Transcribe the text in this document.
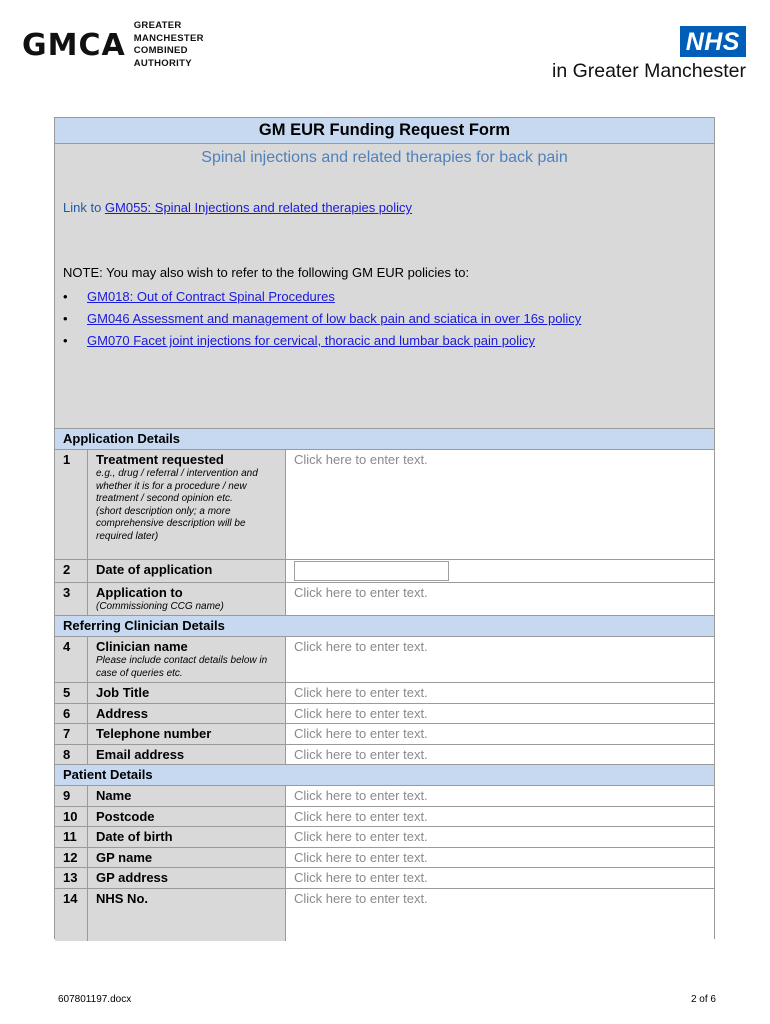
GMCA
GREATER
MANCHESTER
COMBINED
AUTHORITY
NHS
in Greater Manchester
GM EUR Funding Request Form
Spinal injections and related therapies for back pain
Link to GM055: Spinal Injections and related therapies policy
NOTE: You may also wish to refer to the following GM EUR policies to:
• GM018: Out of Contract Spinal Procedures
• GM046 Assessment and management of low back pain and sciatica in over 16s policy
• GM070 Facet joint injections for cervical, thoracic and lumbar back pain policy
Application Details
1	Treatment requested
e.g., drug / referral / intervention and whether it is for a procedure / new treatment / second opinion etc.
(short description only; a more comprehensive description will be required later)
Click here to enter text.
2	Date of application
3	Application to
(Commissioning CCG name)
Click here to enter text.
Referring Clinician Details
4	Clinician name
Please include contact details below in case of queries etc.
Click here to enter text.
5	Job Title	Click here to enter text.
6	Address	Click here to enter text.
7	Telephone number	Click here to enter text.
8	Email address	Click here to enter text.
Patient Details
9	Name	Click here to enter text.
10	Postcode	Click here to enter text.
11	Date of birth	Click here to enter text.
12	GP name	Click here to enter text.
13	GP address	Click here to enter text.
14	NHS No.	Click here to enter text.
607801197.docx	2 of 6
